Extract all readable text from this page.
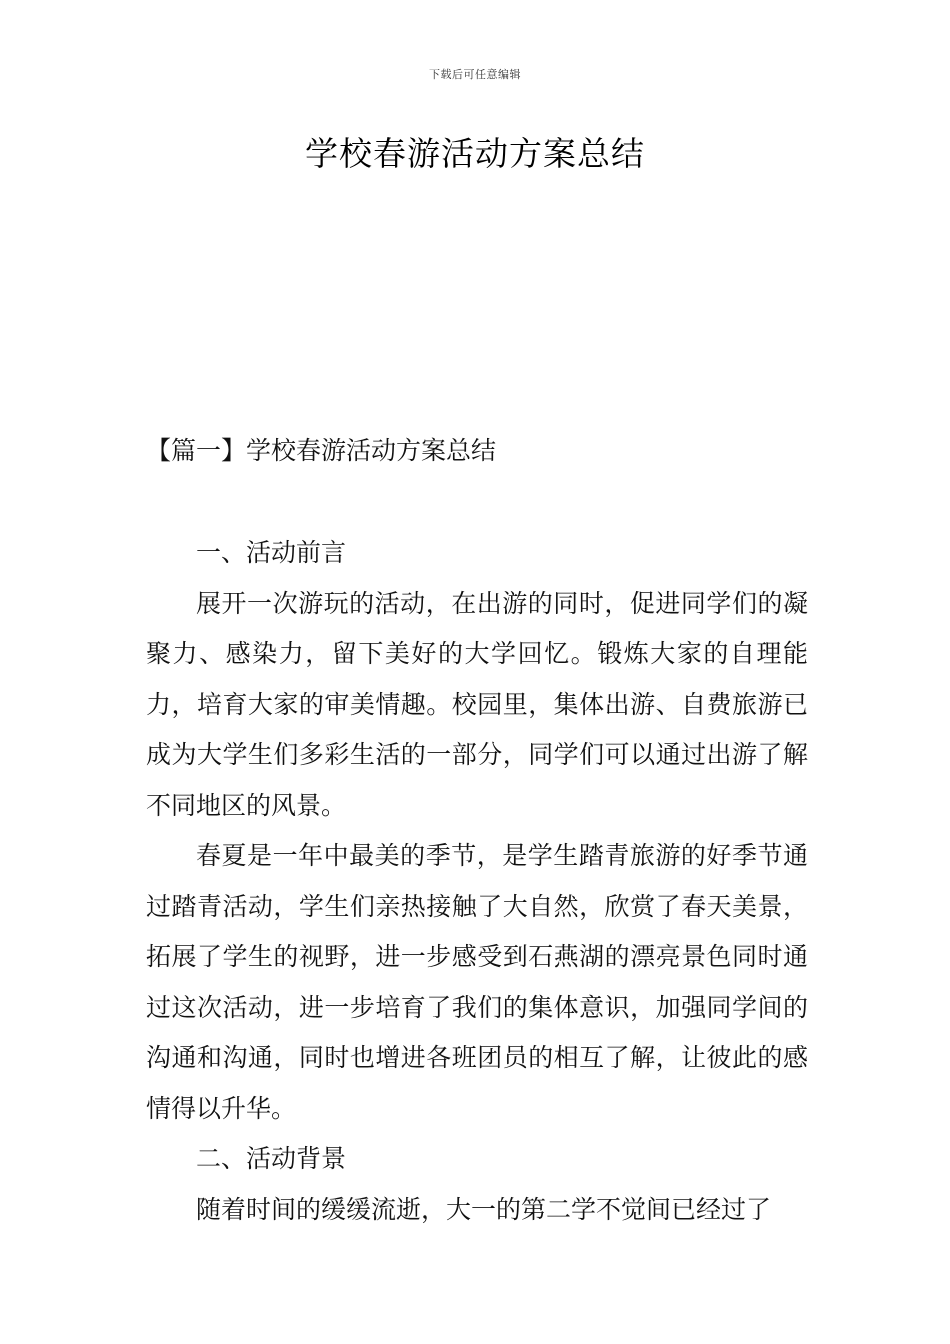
下载后可任意编辑
学校春游活动方案总结
【篇一】学校春游活动方案总结

一、活动前言

展开一次游玩的活动，在出游的同时，促进同学们的凝聚力、感染力，留下美好的大学回忆。锻炼大家的自理能力，培育大家的审美情趣。校园里，集体出游、自费旅游已成为大学生们多彩生活的一部分，同学们可以通过出游了解不同地区的风景。

春夏是一年中最美的季节，是学生踏青旅游的好季节通过踏青活动，学生们亲热接触了大自然，欣赏了春天美景，拓展了学生的视野，进一步感受到石燕湖的漂亮景色同时通过这次活动，进一步培育了我们的集体意识，加强同学间的沟通和沟通，同时也增进各班团员的相互了解，让彼此的感情得以升华。

二、活动背景

随着时间的缓缓流逝，大一的第二学不觉间已经过了
